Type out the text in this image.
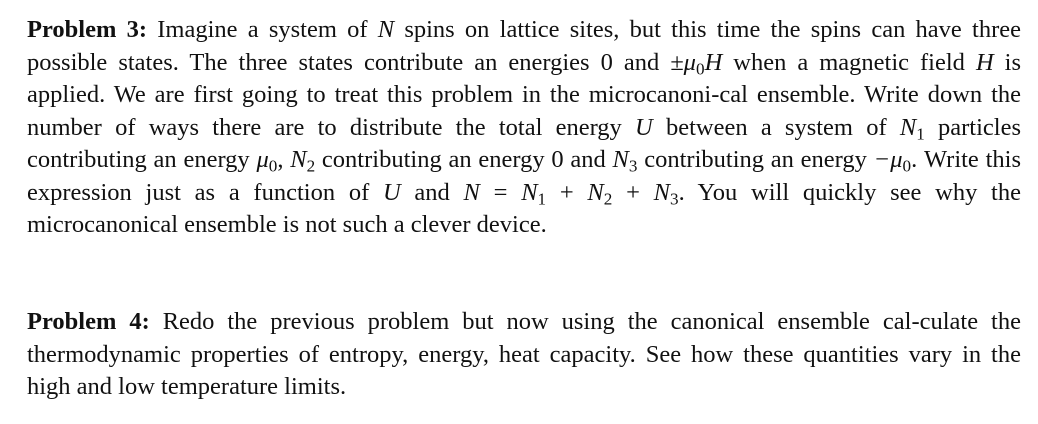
Problem 3: Imagine a system of N spins on lattice sites, but this time the spins can have three possible states. The three states contribute an energies 0 and $\pm\mu_0H$ when a magnetic field H is applied. We are first going to treat this problem in the microcanoni-cal ensemble. Write down the number of ways there are to distribute the total energy U between a system of $N_1$ particles contributing an energy $\mu_0$, $N_2$ contributing an energy 0 and $N_3$ contributing an energy $-\mu_0$. Write this expression just as a function of U and $N = N_1 + N_2 + N_3$. You will quickly see why the microcanonical ensemble is not such a clever device.

Problem 4: Redo the previous problem but now using the canonical ensemble cal-culate the thermodynamic properties of entropy, energy, heat capacity. See how these quantities vary in the high and low temperature limits.
